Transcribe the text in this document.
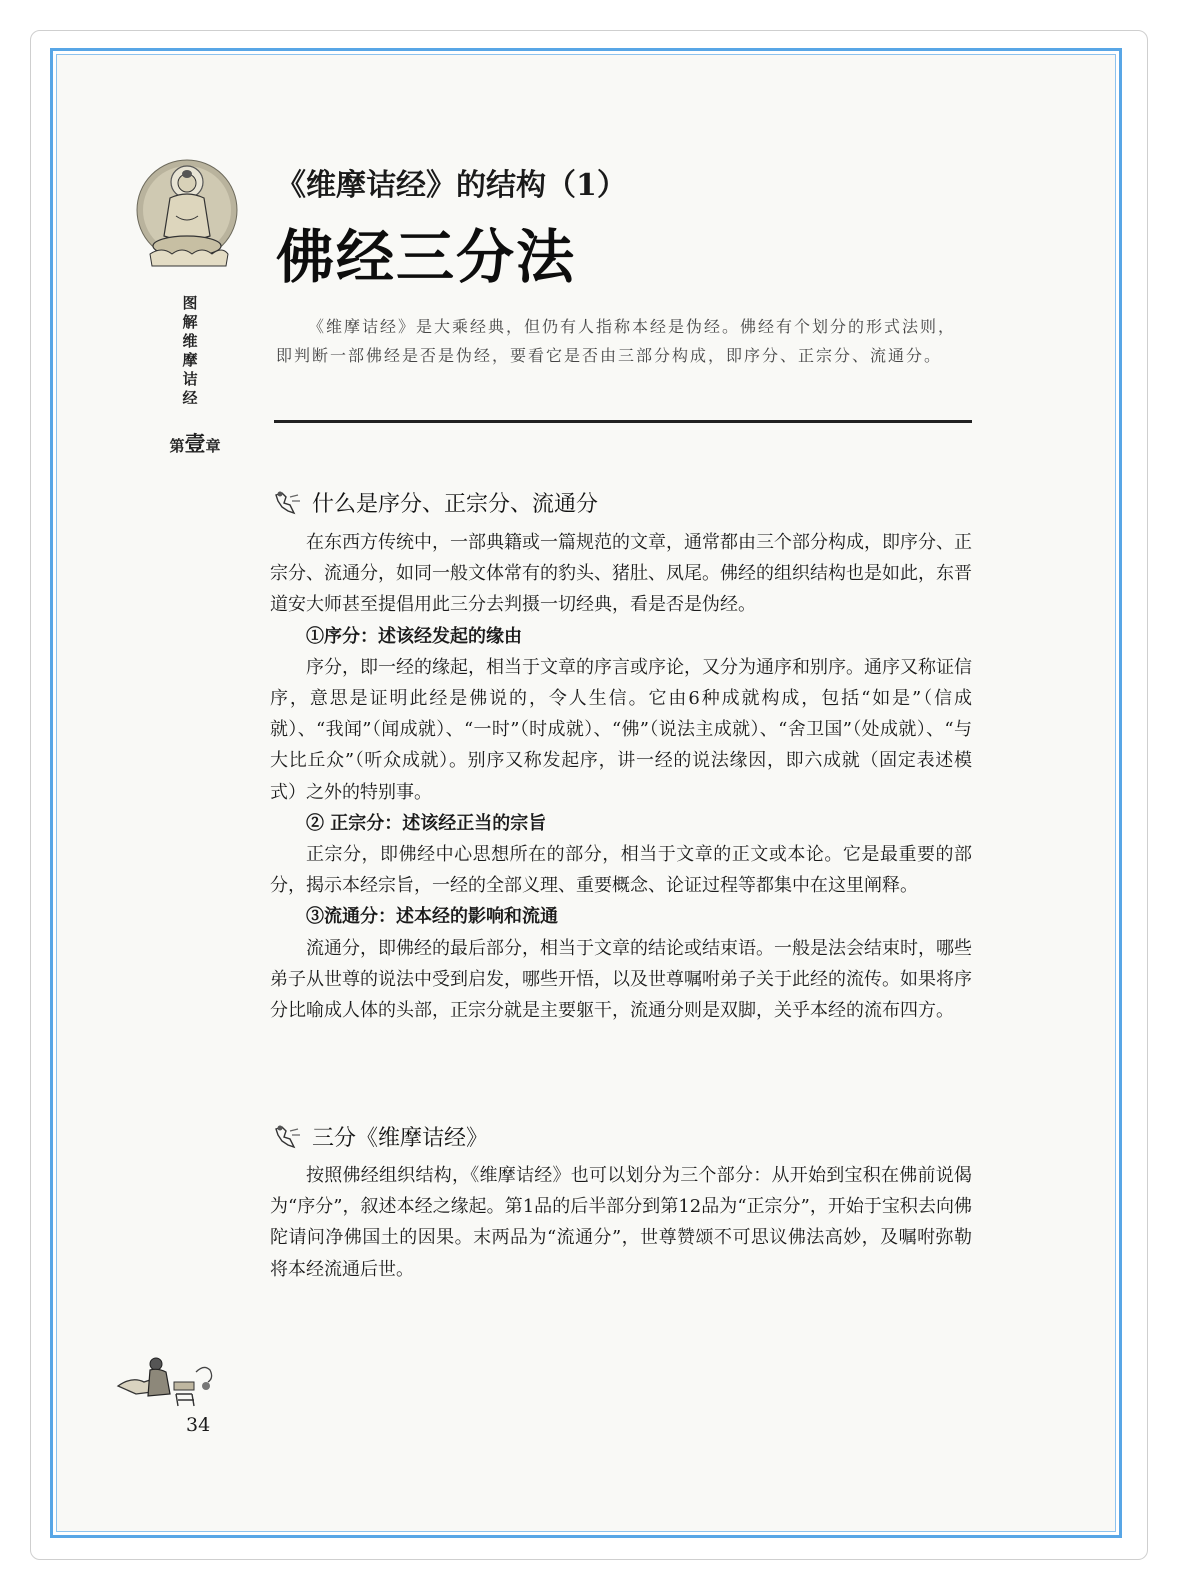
图
解
维
摩
诘
经
第壹章
《维摩诘经》的结构（1）
佛经三分法
《维摩诘经》是大乘经典，但仍有人指称本经是伪经。佛经有个划分的形式法则，即判断一部佛经是否是伪经，要看它是否由三部分构成，即序分、正宗分、流通分。
什么是序分、正宗分、流通分

在东西方传统中，一部典籍或一篇规范的文章，通常都由三个部分构成，即序分、正宗分、流通分，如同一般文体常有的豹头、猪肚、凤尾。佛经的组织结构也是如此，东晋道安大师甚至提倡用此三分去判摄一切经典，看是否是伪经。

①序分：述该经发起的缘由

序分，即一经的缘起，相当于文章的序言或序论，又分为通序和别序。通序又称证信序，意思是证明此经是佛说的，令人生信。它由6种成就构成，包括“如是”（信成就）、“我闻”（闻成就）、“一时”（时成就）、“佛”（说法主成就）、“舍卫国”（处成就）、“与大比丘众”（听众成就）。别序又称发起序，讲一经的说法缘因，即六成就（固定表述模式）之外的特别事。

② 正宗分：述该经正当的宗旨

正宗分，即佛经中心思想所在的部分，相当于文章的正文或本论。它是最重要的部分，揭示本经宗旨，一经的全部义理、重要概念、论证过程等都集中在这里阐释。

③流通分：述本经的影响和流通

流通分，即佛经的最后部分，相当于文章的结论或结束语。一般是法会结束时，哪些弟子从世尊的说法中受到启发，哪些开悟，以及世尊嘱咐弟子关于此经的流传。如果将序分比喻成人体的头部，正宗分就是主要躯干，流通分则是双脚，关乎本经的流布四方。

三分《维摩诘经》

按照佛经组织结构，《维摩诘经》也可以划分为三个部分：从开始到宝积在佛前说偈为“序分”，叙述本经之缘起。第1品的后半部分到第12品为“正宗分”，开始于宝积去向佛陀请问净佛国土的因果。末两品为“流通分”，世尊赞颂不可思议佛法高妙，及嘱咐弥勒将本经流通后世。

34
